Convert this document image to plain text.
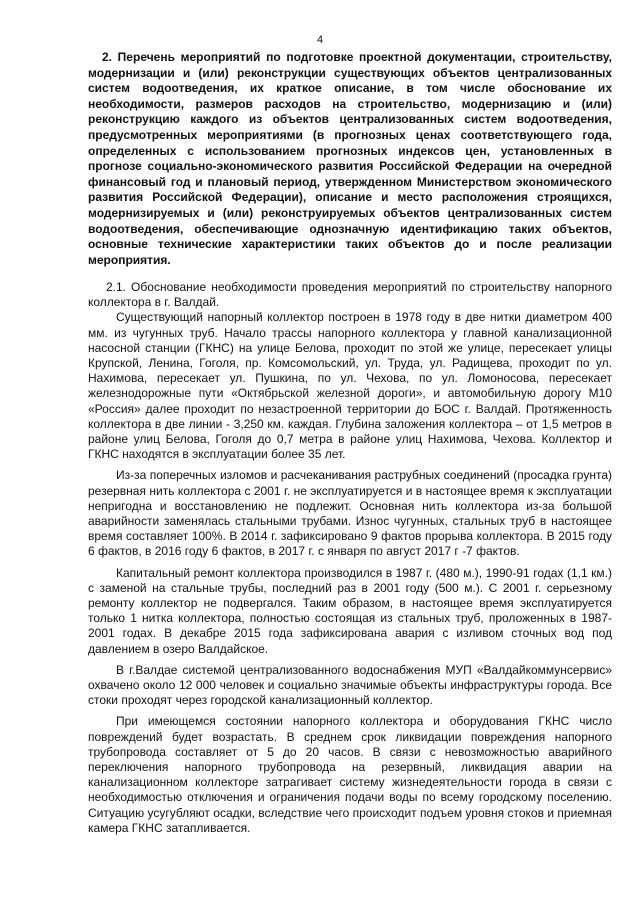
4

2. Перечень мероприятий по подготовке проектной документации, строительству, модернизации и (или) реконструкции существующих объектов централизованных систем водоотведения, их краткое описание, в том числе обоснование их необходимости, размеров расходов на строительство, модернизацию и (или) реконструкцию каждого из объектов централизованных систем водоотведения, предусмотренных мероприятиями (в прогнозных ценах соответствующего года, определенных с использованием прогнозных индексов цен, установленных в прогнозе социально-экономического развития Российской Федерации на очередной финансовый год и плановый период, утвержденном Министерством экономического развития Российской Федерации), описание и место расположения строящихся, модернизируемых и (или) реконструируемых объектов централизованных систем водоотведения, обеспечивающие однозначную идентификацию таких объектов, основные технические характеристики таких объектов до и после реализации мероприятия.

2.1. Обоснование необходимости проведения мероприятий по строительству напорного коллектора в г. Валдай.

Существующий напорный коллектор построен в 1978 году в две нитки диаметром 400 мм. из чугунных труб. Начало трассы напорного коллектора у главной канализационной насосной станции (ГКНС) на улице Белова, проходит по этой же улице, пересекает улицы Крупской, Ленина, Гоголя, пр. Комсомольский, ул. Труда, ул. Радищева, проходит по ул. Нахимова, пересекает ул. Пушкина, по ул. Чехова, по ул. Ломоносова, пересекает железнодорожные пути «Октябрьской железной дороги», и автомобильную дорогу М10 «Россия» далее проходит по незастроенной территории до БОС г. Валдай. Протяженность коллектора в две линии - 3,250 км. каждая. Глубина заложения коллектора – от 1,5 метров в районе улиц Белова, Гоголя до 0,7 метра в районе улиц Нахимова, Чехова. Коллектор и ГКНС находятся в эксплуатации более 35 лет.

Из-за поперечных изломов и расчеканивания раструбных соединений (просадка грунта) резервная нить коллектора с 2001 г. не эксплуатируется и в настоящее время к эксплуатации непригодна и восстановлению не подлежит. Основная нить коллектора из-за большой аварийности заменялась стальными трубами. Износ чугунных, стальных труб в настоящее время составляет 100%. В 2014 г. зафиксировано 9 фактов прорыва коллектора. В 2015 году 6 фактов, в 2016 году 6 фактов, в 2017 г. с января по август 2017 г -7 фактов.

Капитальный ремонт коллектора производился в 1987 г. (480 м.), 1990-91 годах (1,1 км.) с заменой на стальные трубы, последний раз в 2001 году (500 м.). С 2001 г. серьезному ремонту коллектор не подвергался. Таким образом, в настоящее время эксплуатируется только 1 нитка коллектора, полностью состоящая из стальных труб, проложенных в 1987-2001 годах. В декабре 2015 года зафиксирована авария с изливом сточных вод под давлением в озеро Валдайское.

В г.Валдае системой централизованного водоснабжения МУП «Валдайкоммунсервис» охвачено около 12 000 человек и социально значимые объекты инфраструктуры города. Все стоки проходят через городской канализационный коллектор.

При имеющемся состоянии напорного коллектора и оборудования ГКНС число повреждений будет возрастать. В среднем срок ликвидации повреждения напорного трубопровода составляет от 5 до 20 часов. В связи с невозможностью аварийного переключения напорного трубопровода на резервный, ликвидация аварии на канализационном коллекторе затрагивает систему жизнедеятельности города в связи с необходимостью отключения и ограничения подачи воды по всему городскому поселению. Ситуацию усугубляют осадки, вследствие чего происходит подъем уровня стоков и приемная камера ГКНС затапливается.
